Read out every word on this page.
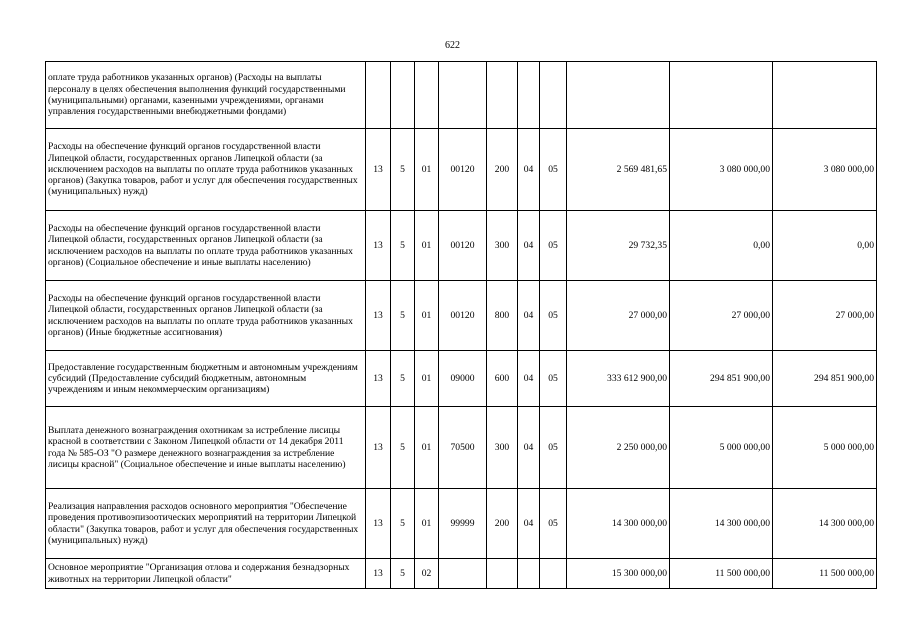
622
оплате труда работников указанных органов) (Расходы на выплаты персоналу в целях обеспечения выполнения функций государственными (муниципальными) органами, казенными учреждениями, органами управления государственными внебюджетными фондами)										
Расходы на обеспечение функций органов государственной власти Липецкой области, государственных органов Липецкой области (за исключением расходов на выплаты по оплате труда работников указанных органов) (Закупка товаров, работ и услуг для обеспечения государственных (муниципальных) нужд)	13	5	01	00120	200	04	05	2 569 481,65	3 080 000,00	3 080 000,00
Расходы на обеспечение функций органов государственной власти Липецкой области, государственных органов Липецкой области (за исключением расходов на выплаты по оплате труда работников указанных органов) (Социальное обеспечение и иные выплаты населению)	13	5	01	00120	300	04	05	29 732,35	0,00	0,00
Расходы на обеспечение функций органов государственной власти Липецкой области, государственных органов Липецкой области (за исключением расходов на выплаты по оплате труда работников указанных органов) (Иные бюджетные ассигнования)	13	5	01	00120	800	04	05	27 000,00	27 000,00	27 000,00
Предоставление государственным бюджетным и автономным учреждениям субсидий (Предоставление субсидий бюджетным, автономным учреждениям и иным некоммерческим организациям)	13	5	01	09000	600	04	05	333 612 900,00	294 851 900,00	294 851 900,00
Выплата денежного вознаграждения охотникам за истребление лисицы красной в соответствии с Законом Липецкой области от 14 декабря 2011 года № 585-ОЗ "О размере денежного вознаграждения за истребление лисицы красной" (Социальное обеспечение и иные выплаты населению)	13	5	01	70500	300	04	05	2 250 000,00	5 000 000,00	5 000 000,00
Реализация направления расходов основного мероприятия "Обеспечение проведения противоэпизоотических мероприятий на территории Липецкой области" (Закупка товаров, работ и услуг для обеспечения государственных (муниципальных) нужд)	13	5	01	99999	200	04	05	14 300 000,00	14 300 000,00	14 300 000,00
Основное мероприятие "Организация отлова и содержания безнадзорных животных на территории Липецкой области"	13	5	02					15 300 000,00	11 500 000,00	11 500 000,00
